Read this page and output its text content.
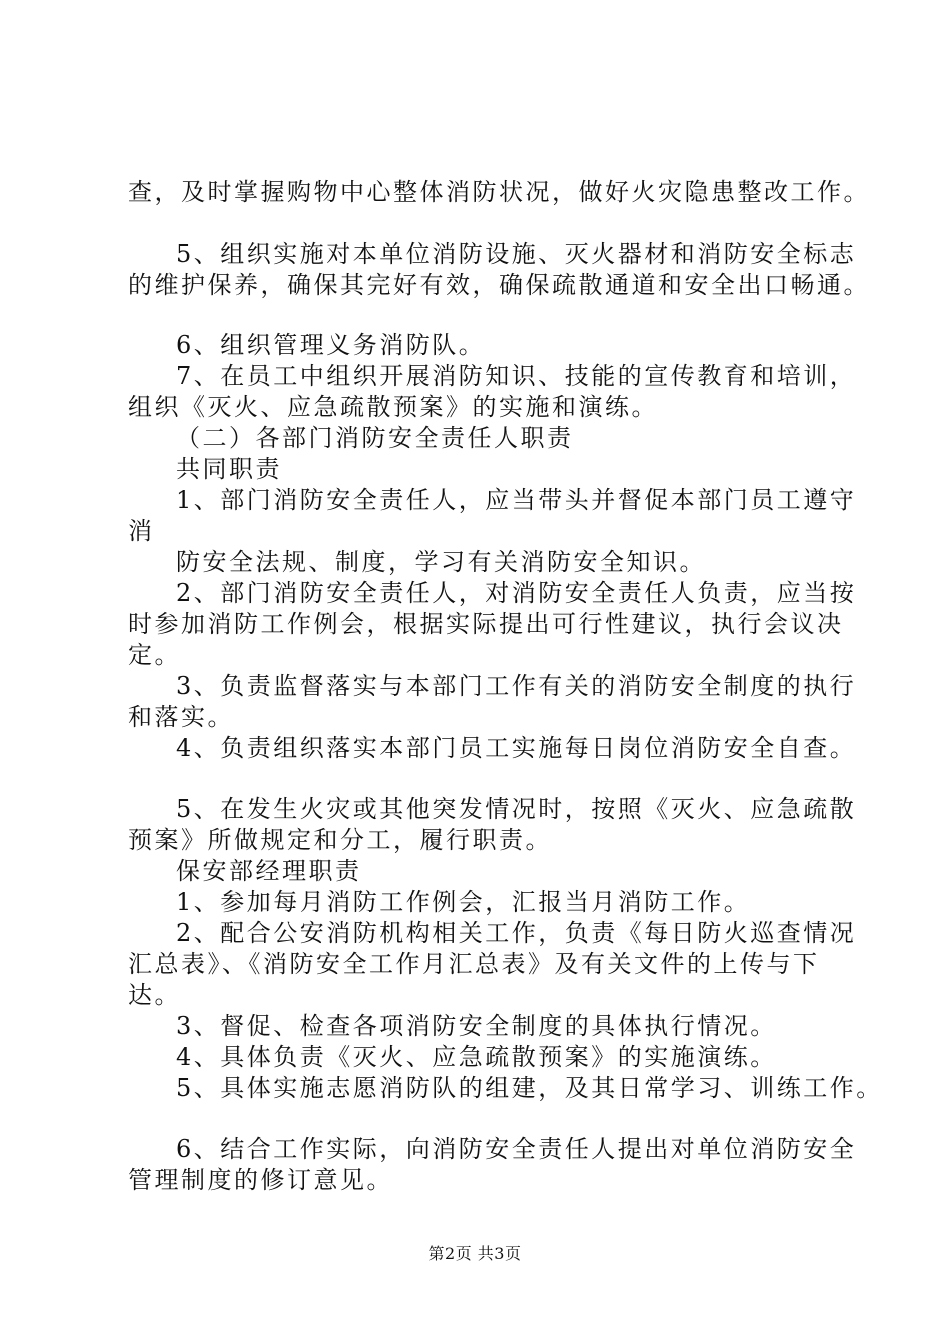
查，及时掌握购物中心整体消防状况，做好火灾隐患整改工作。
5、组织实施对本单位消防设施、灭火器材和消防安全标志
的维护保养，确保其完好有效，确保疏散通道和安全出口畅通。
6、组织管理义务消防队。
7、在员工中组织开展消防知识、技能的宣传教育和培训，
组织《灭火、应急疏散预案》的实施和演练。
（二）各部门消防安全责任人职责
共同职责
1、部门消防安全责任人，应当带头并督促本部门员工遵守
消
防安全法规、制度，学习有关消防安全知识。
2、部门消防安全责任人，对消防安全责任人负责，应当按
时参加消防工作例会，根据实际提出可行性建议，执行会议决
定。
3、负责监督落实与本部门工作有关的消防安全制度的执行
和落实。
4、负责组织落实本部门员工实施每日岗位消防安全自查。
5、在发生火灾或其他突发情况时，按照《灭火、应急疏散
预案》所做规定和分工，履行职责。
保安部经理职责
1、参加每月消防工作例会，汇报当月消防工作。
2、配合公安消防机构相关工作，负责《每日防火巡查情况
汇总表》、《消防安全工作月汇总表》及有关文件的上传与下
达。
3、督促、检查各项消防安全制度的具体执行情况。
4、具体负责《灭火、应急疏散预案》的实施演练。
5、具体实施志愿消防队的组建，及其日常学习、训练工作。
6、结合工作实际，向消防安全责任人提出对单位消防安全
管理制度的修订意见。
第2页 共3页
